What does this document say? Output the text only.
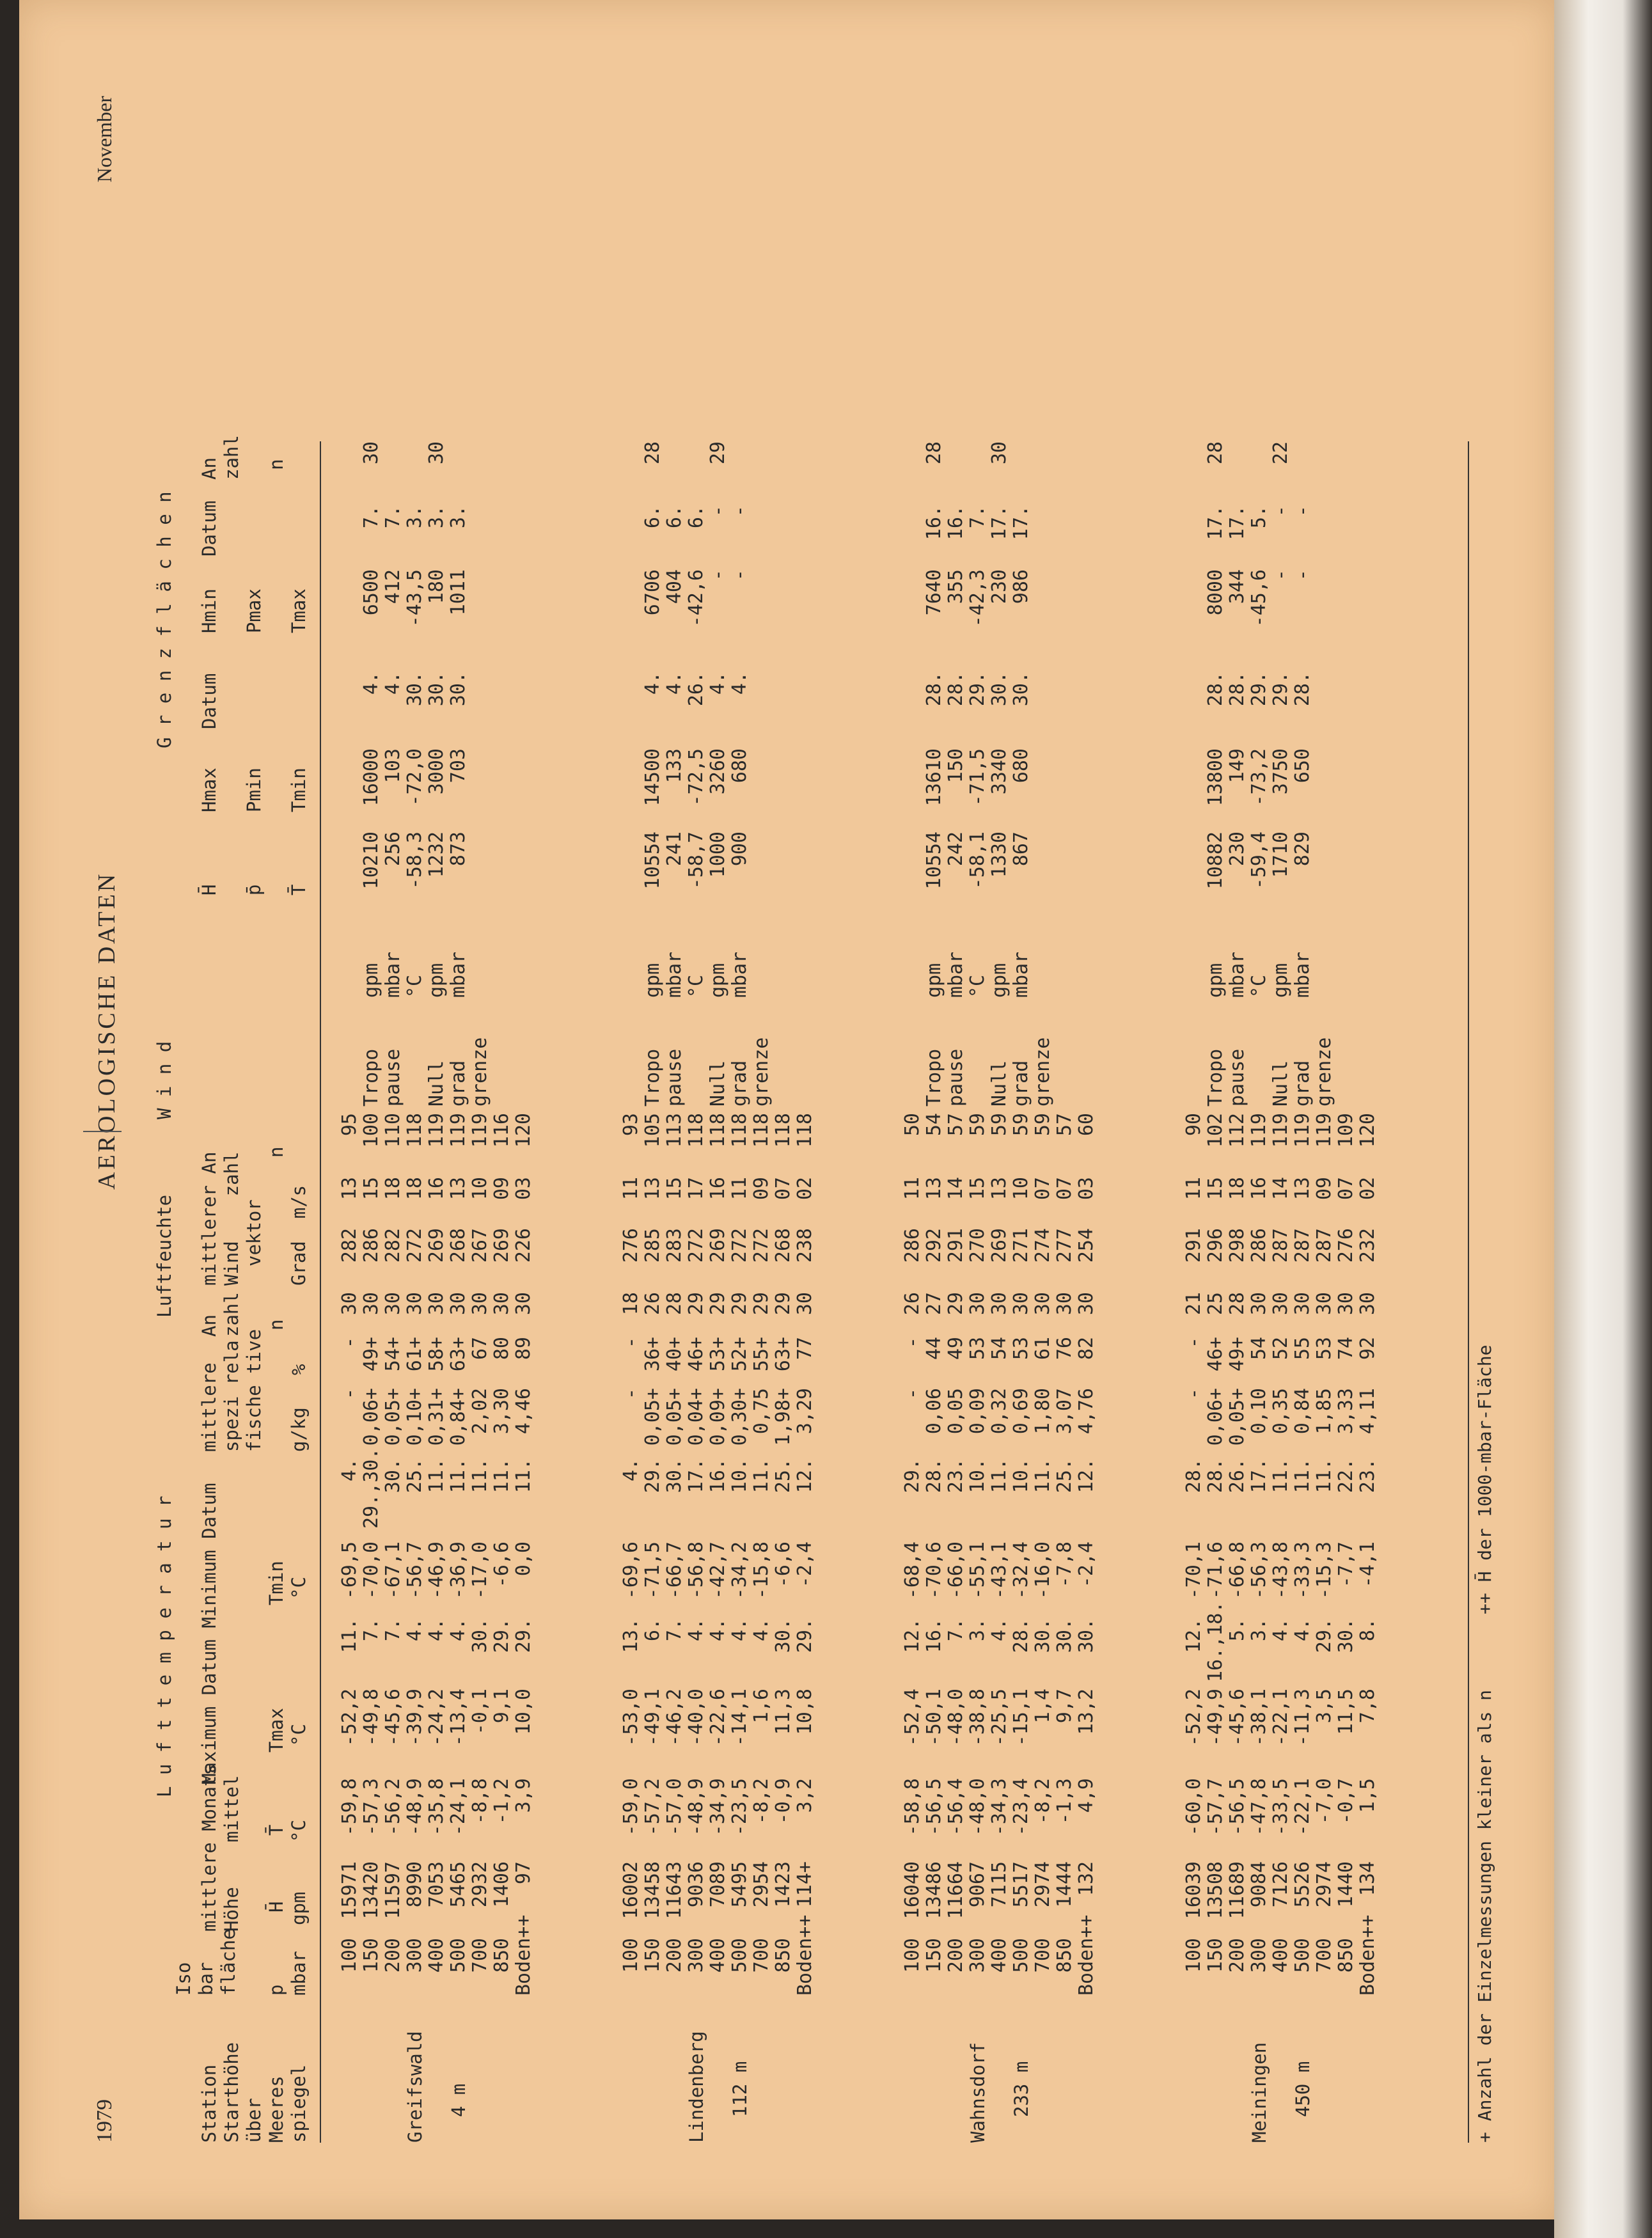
1979
AEROLOGISCHE DATEN
November
L u f t t e m p e r a t u r
Luftfeuchte
W i n d
G r e n z f l ä c h e n
Station Starthöhe über Meeres spiegel
Iso bar fläche p mbar
mittlere Monats Höhe    mittel H̄ gpm
T̄ °C
Maximum Datum Minimum Datum Tmax °C
Tmin °C
mittlere spezi rela fische tive g/kg
%
An zahl n
mittlerer An Wind    zahl vektor Grad  m/s
n
H̄ p̄ T̄
Hmax Pmin Tmin
Datum
Hmin Pmax Tmax
Datum
An zahl n
Greifswald 4 m
100
15971
-59,8
-52,2
11.
-69,5
4.
-
-
30
282
13
95
150
13420
-57,3
-49,8
7.
-70,0
29.,30.
0,06+
49+
30
286
15
100
200
11597
-56,2
-45,6
7.
-67,1
30.
0,05+
54+
30
282
18
110
300
8990
-48,9
-39,9
4.
-56,7
25.
0,10+
61+
30
272
18
118
400
7053
-35,8
-24,2
4.
-46,9
11.
0,31+
58+
30
269
16
119
500
5465
-24,1
-13,4
4.
-36,9
11.
0,84+
63+
30
268
13
119
700
2932
-8,8
-0,1
30.
-17,0
11.
2,02
67
30
267
10
119
850
1406
-1,2
9,1
29.
-6,6
11.
3,30
80
30
269
09
116
Boden++
97
3,9
10,0
29.
0,0
11.
4,46
89
30
226
03
120
Tropo
gpm
10210
16000
4.
6500
7.
30
pause
mbar
256
103
4.
412
7.
°C
-58,3
-72,0
30.
-43,5
3.
Null
gpm
1232
3000
30.
180
3.
30
grad
mbar
873
703
30.
1011
3.
grenze
Lindenberg 112 m
100
16002
-59,0
-53,0
13.
-69,6
4.
-
-
18
276
11
93
150
13458
-57,2
-49,1
6.
-71,5
29.
0,05+
36+
26
285
13
105
200
11643
-57,0
-46,2
7.
-66,7
30.
0,05+
40+
28
283
15
113
300
9036
-48,9
-40,0
4.
-56,8
17.
0,04+
46+
29
272
17
118
400
7089
-34,9
-22,6
4.
-42,7
16.
0,09+
53+
29
269
16
118
500
5495
-23,5
-14,1
4.
-34,2
10.
0,30+
52+
29
272
11
118
700
2954
-8,2
1,6
4.
-15,8
11.
0,75
55+
29
272
09
118
850
1423
-0,9
11,3
30.
-6,6
25.
1,98+
63+
29
268
07
118
Boden++
114+
3,2
10,8
29.
-2,4
12.
3,29
77
30
238
02
118
Tropo
gpm
10554
14500
4.
6706
6.
28
pause
mbar
241
133
4.
404
6.
°C
-58,7
-72,5
26.
-42,6
6.
Null
gpm
1000
3260
4.
-
-
29
grad
mbar
900
680
4.
-
-
grenze
Wahnsdorf 233 m
100
16040
-58,8
-52,4
12.
-68,4
29.
-
-
26
286
11
50
150
13486
-56,5
-50,1
16.
-70,6
28.
0,06
44
27
292
13
54
200
11664
-56,4
-48,0
7.
-66,0
23.
0,05
49
29
291
14
57
300
9067
-48,0
-38,8
3.
-55,1
10.
0,09
53
30
270
15
59
400
7115
-34,3
-25,5
4.
-43,1
11.
0,32
54
30
269
13
59
500
5517
-23,4
-15,1
28.
-32,4
10.
0,69
53
30
271
10
59
700
2974
-8,2
1,4
30.
-16,0
11.
1,80
61
30
274
07
59
850
1444
-1,3
9,7
30.
-7,8
25.
3,07
76
30
277
07
57
Boden++
132
4,9
13,2
30.
-2,4
12.
4,76
82
30
254
03
60
Tropo
gpm
10554
13610
28.
7640
16.
28
pause
mbar
242
150
28.
355
16.
°C
-58,1
-71,5
29.
-42,3
7.
Null
gpm
1330
3340
30.
230
17.
30
grad
mbar
867
680
30.
986
17.
grenze
Meiningen 450 m
100
16039
-60,0
-52,2
12.
-70,1
28.
-
-
21
291
11
90
150
13508
-57,7
-49,9
16.,18.
-71,6
28.
0,06+
46+
25
296
15
102
200
11689
-56,5
-45,6
5.
-66,8
26.
0,05+
49+
28
298
18
112
300
9084
-47,8
-38,1
3.
-56,3
17.
0,10
54
30
286
16
119
400
7126
-33,5
-22,1
4.
-43,8
11.
0,35
52
30
287
14
119
500
5526
-22,1
-11,3
4.
-33,3
11.
0,84
55
30
287
13
119
700
2974
-7,0
3,5
29.
-15,3
11.
1,85
53
30
287
09
119
850
1440
-0,7
11,5
30.
-7,7
22.
3,33
74
30
276
07
109
Boden++
134
1,5
7,8
8.
-4,1
23.
4,11
92
30
232
02
120
Tropo
gpm
10882
13800
28.
8000
17.
28
pause
mbar
230
149
28.
344
17.
°C
-59,4
-73,2
29.
-45,6
5.
Null
gpm
1710
3750
29.
-
-
22
grad
mbar
829
650
28.
-
-
grenze
+ Anzahl der Einzelmessungen kleiner als n       ++ H̄ der 1000-mbar-Fläche
